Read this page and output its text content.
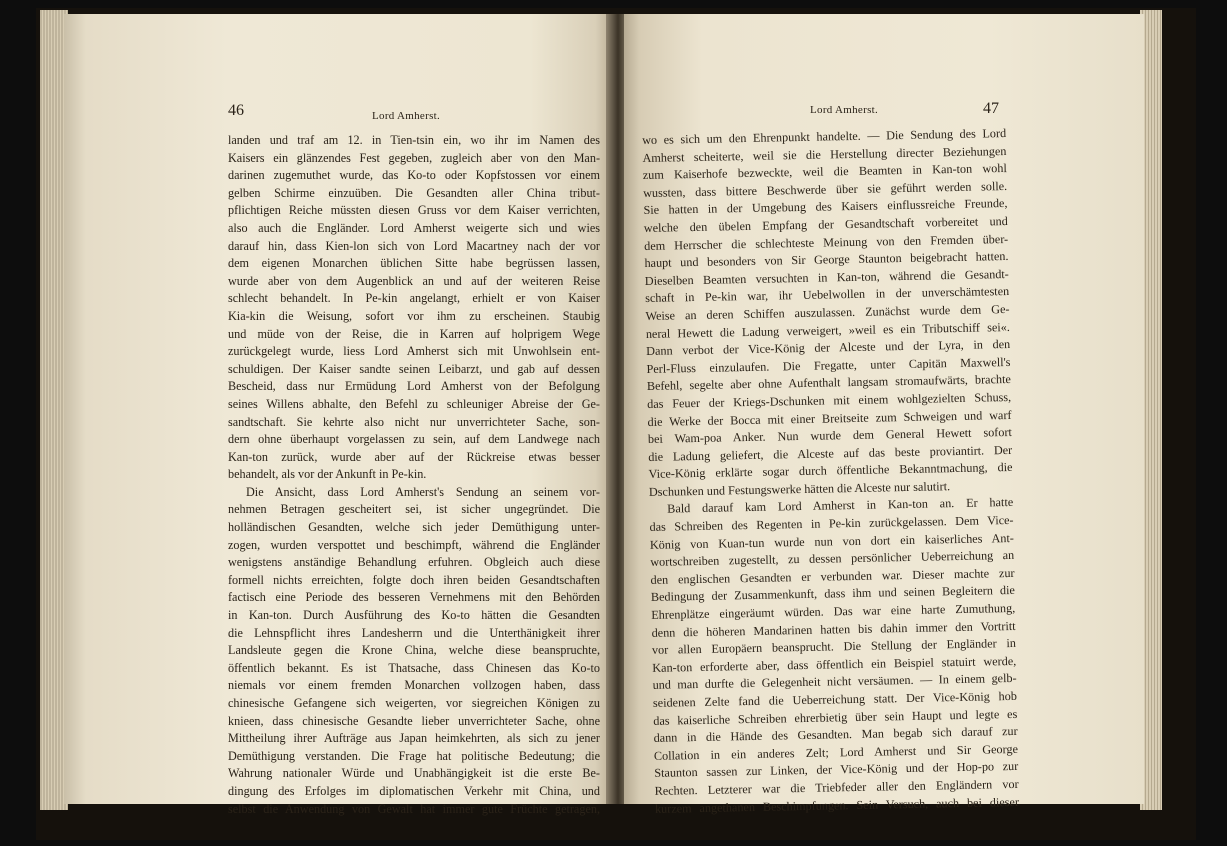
46	Lord Amherst.
landen und traf am 12. in Tien-tsin ein, wo ihr im Namen des
Kaisers ein glänzendes Fest gegeben, zugleich aber von den Man-
darinen zugemuthet wurde, das Ko-to oder Kopfstossen vor einem
gelben Schirme einzuüben. Die Gesandten aller China tribut-
pflichtigen Reiche müssten diesen Gruss vor dem Kaiser verrichten,
also auch die Engländer. Lord Amherst weigerte sich und wies
darauf hin, dass Kien-lon sich von Lord Macartney nach der vor
dem eigenen Monarchen üblichen Sitte habe begrüssen lassen,
wurde aber von dem Augenblick an und auf der weiteren Reise
schlecht behandelt. In Pe-kin angelangt, erhielt er von Kaiser
Kia-kin die Weisung, sofort vor ihm zu erscheinen. Staubig
und müde von der Reise, die in Karren auf holprigem Wege
zurückgelegt wurde, liess Lord Amherst sich mit Unwohlsein ent-
schuldigen. Der Kaiser sandte seinen Leibarzt, und gab auf dessen
Bescheid, dass nur Ermüdung Lord Amherst von der Befolgung
seines Willens abhalte, den Befehl zu schleuniger Abreise der Ge-
sandtschaft. Sie kehrte also nicht nur unverrichteter Sache, son-
dern ohne überhaupt vorgelassen zu sein, auf dem Landwege nach
Kan-ton zurück, wurde aber auf der Rückreise etwas besser
behandelt, als vor der Ankunft in Pe-kin.
Die Ansicht, dass Lord Amherst's Sendung an seinem vor-
nehmen Betragen gescheitert sei, ist sicher ungegründet. Die
holländischen Gesandten, welche sich jeder Demüthigung unter-
zogen, wurden verspottet und beschimpft, während die Engländer
wenigstens anständige Behandlung erfuhren. Obgleich auch diese
formell nichts erreichten, folgte doch ihren beiden Gesandtschaften
factisch eine Periode des besseren Vernehmens mit den Behörden
in Kan-ton. Durch Ausführung des Ko-to hätten die Gesandten
die Lehnspflicht ihres Landesherrn und die Unterthänigkeit ihrer
Landsleute gegen die Krone China, welche diese beanspruchte,
öffentlich bekannt. Es ist Thatsache, dass Chinesen das Ko-to
niemals vor einem fremden Monarchen vollzogen haben, dass
chinesische Gefangene sich weigerten, vor siegreichen Königen zu
knieen, dass chinesische Gesandte lieber unverrichteter Sache, ohne
Mittheilung ihrer Aufträge aus Japan heimkehrten, als sich zu jener
Demüthigung verstanden. Die Frage hat politische Bedeutung; die
Wahrung nationaler Würde und Unabhängigkeit ist die erste Be-
dingung des Erfolges im diplomatischen Verkehr mit China, und
selbst die Anwendung von Gewalt hat immer gute Früchte getragen,
Lord Amherst.	47
wo es sich um den Ehrenpunkt handelte. — Die Sendung des Lord
Amherst scheiterte, weil sie die Herstellung directer Beziehungen
zum Kaiserhofe bezweckte, weil die Beamten in Kan-ton wohl
wussten, dass bittere Beschwerde über sie geführt werden solle.
Sie hatten in der Umgebung des Kaisers einflussreiche Freunde,
welche den übelen Empfang der Gesandtschaft vorbereitet und
dem Herrscher die schlechteste Meinung von den Fremden über-
haupt und besonders von Sir George Staunton beigebracht hatten.
Dieselben Beamten versuchten in Kan-ton, während die Gesandt-
schaft in Pe-kin war, ihr Uebelwollen in der unverschämtesten
Weise an deren Schiffen auszulassen. Zunächst wurde dem Ge-
neral Hewett die Ladung verweigert, »weil es ein Tributschiff sei«.
Dann verbot der Vice-König der Alceste und der Lyra, in den
Perl-Fluss einzulaufen. Die Fregatte, unter Capitän Maxwell's
Befehl, segelte aber ohne Aufenthalt langsam stromaufwärts, brachte
das Feuer der Kriegs-Dschunken mit einem wohlgezielten Schuss,
die Werke der Bocca mit einer Breitseite zum Schweigen und warf
bei Wam-poa Anker. Nun wurde dem General Hewett sofort
die Ladung geliefert, die Alceste auf das beste proviantirt. Der
Vice-König erklärte sogar durch öffentliche Bekanntmachung, die
Dschunken und Festungswerke hätten die Alceste nur salutirt.
Bald darauf kam Lord Amherst in Kan-ton an. Er hatte
das Schreiben des Regenten in Pe-kin zurückgelassen. Dem Vice-
König von Kuan-tun wurde nun von dort ein kaiserliches Ant-
wortschreiben zugestellt, zu dessen persönlicher Ueberreichung an
den englischen Gesandten er verbunden war. Dieser machte zur
Bedingung der Zusammenkunft, dass ihm und seinen Begleitern die
Ehrenplätze eingeräumt würden. Das war eine harte Zumuthung,
denn die höheren Mandarinen hatten bis dahin immer den Vortritt
vor allen Europäern beansprucht. Die Stellung der Engländer in
Kan-ton erforderte aber, dass öffentlich ein Beispiel statuirt werde,
und man durfte die Gelegenheit nicht versäumen. — In einem gelb-
seidenen Zelte fand die Ueberreichung statt. Der Vice-König hob
das kaiserliche Schreiben ehrerbietig über sein Haupt und legte es
dann in die Hände des Gesandten. Man begab sich darauf zur
Collation in ein anderes Zelt; Lord Amherst und Sir George
Staunton sassen zur Linken, der Vice-König und der Hop-po zur
Rechten. Letzterer war die Triebfeder aller den Engländern vor
kurzem angethanen Beschimpfungen. Sein Versuch, auch bei dieser
